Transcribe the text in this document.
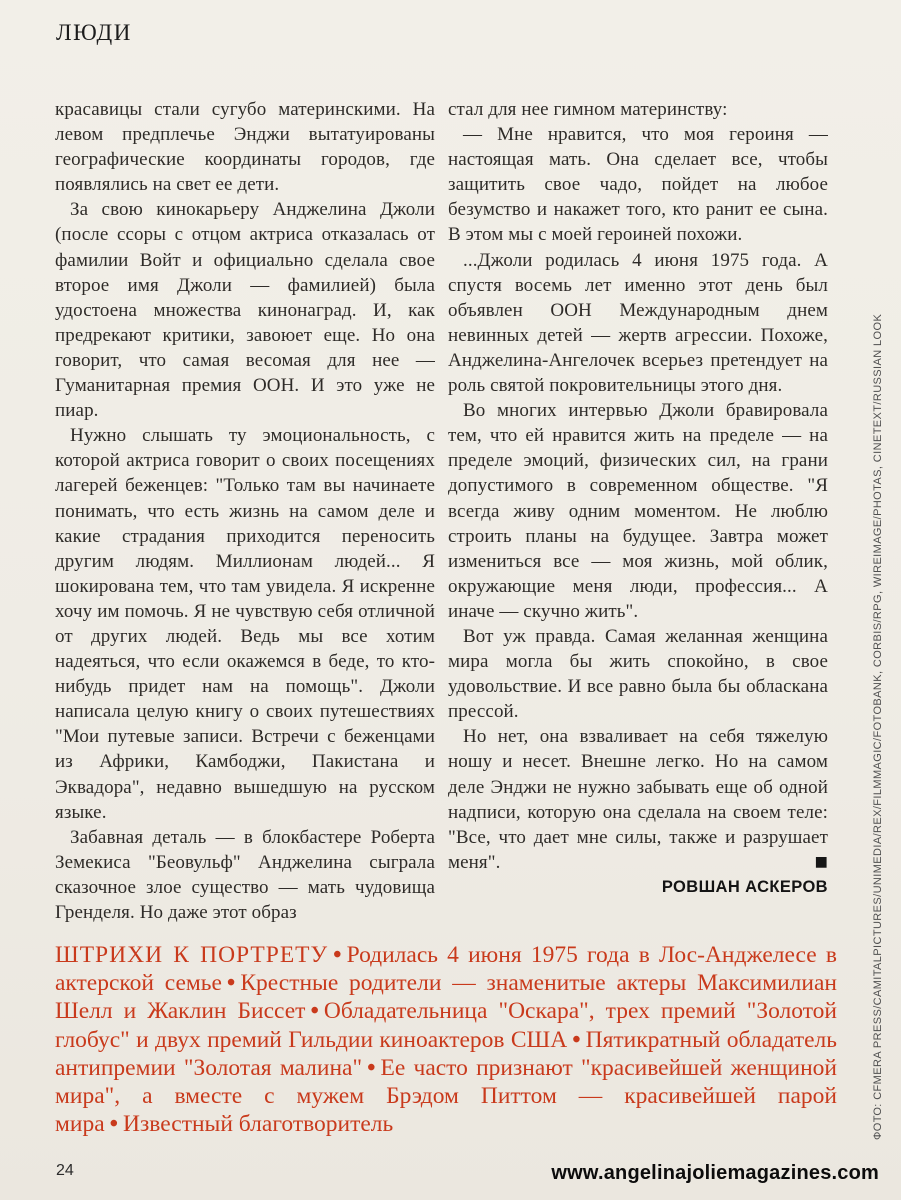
ЛЮДИ

красавицы стали сугубо материнскими. На левом предплечье Энджи вытатуированы географические координаты городов, где появлялись на свет ее дети.

За свою кинокарьеру Анджелина Джоли (после ссоры с отцом актриса отказалась от фамилии Войт и официально сделала свое второе имя Джоли — фамилией) была удостоена множества кинонаград. И, как предрекают критики, завоюет еще. Но она говорит, что самая весомая для нее — Гуманитарная премия ООН. И это уже не пиар.

Нужно слышать ту эмоциональность, с которой актриса говорит о своих посещениях лагерей беженцев: "Только там вы начинаете понимать, что есть жизнь на самом деле и какие страдания приходится переносить другим людям. Миллионам людей... Я шокирована тем, что там увидела. Я искренне хочу им помочь. Я не чувствую себя отличной от других людей. Ведь мы все хотим надеяться, что если окажемся в беде, то кто-нибудь придет нам на помощь". Джоли написала целую книгу о своих путешествиях "Мои путевые записи. Встречи с беженцами из Африки, Камбоджи, Пакистана и Эквадора", недавно вышедшую на русском языке.

Забавная деталь — в блокбастере Роберта Земекиса "Беовульф" Анджелина сыграла сказочное злое существо — мать чудовища Гренделя. Но даже этот образ

стал для нее гимном материнству:

— Мне нравится, что моя героиня — настоящая мать. Она сделает все, чтобы защитить свое чадо, пойдет на любое безумство и накажет того, кто ранит ее сына. В этом мы с моей героиней похожи.

...Джоли родилась 4 июня 1975 года. А спустя восемь лет именно этот день был объявлен ООН Международным днем невинных детей — жертв агрессии. Похоже, Анджелина-Ангелочек всерьез претендует на роль святой покровительницы этого дня.

Во многих интервью Джоли бравировала тем, что ей нравится жить на пределе — на пределе эмоций, физических сил, на грани допустимого в современном обществе. "Я всегда живу одним моментом. Не люблю строить планы на будущее. Завтра может измениться все — моя жизнь, мой облик, окружающие меня люди, профессия... А иначе — скучно жить".

Вот уж правда. Самая желанная женщина мира могла бы жить спокойно, в свое удовольствие. И все равно была бы обласкана прессой.

Но нет, она взваливает на себя тяжелую ношу и несет. Внешне легко. Но на самом деле Энджи не нужно забывать еще об одной надписи, которую она сделала на своем теле: "Все, что дает мне силы, также и разрушает меня".	■

РОВШАН АСКЕРОВ

ШТРИХИ К ПОРТРЕТУ • Родилась 4 июня 1975 года в Лос-Анджелесе в актерской семье • Крестные родители — знаменитые актеры Максимилиан Шелл и Жаклин Биссет • Обладательница "Оскара", трех премий "Золотой глобус" и двух премий Гильдии киноактеров США • Пятикратный обладатель антипремии "Золотая малина" • Ее часто признают "красивейшей женщиной мира", а вместе с мужем Брэдом Питтом — красивейшей парой мира • Известный благотворитель	ФОТО: CFMERA PRESS/CAMITALPICTURES/UNIMEDIA/REX/FILMMAGIC/FOTOBANK, CORBIS/RPG, WIREIMAGE/PHOTAS, CINETEXT/RUSSIAN LOOK
24	www.angelinajoliemagazines.com
